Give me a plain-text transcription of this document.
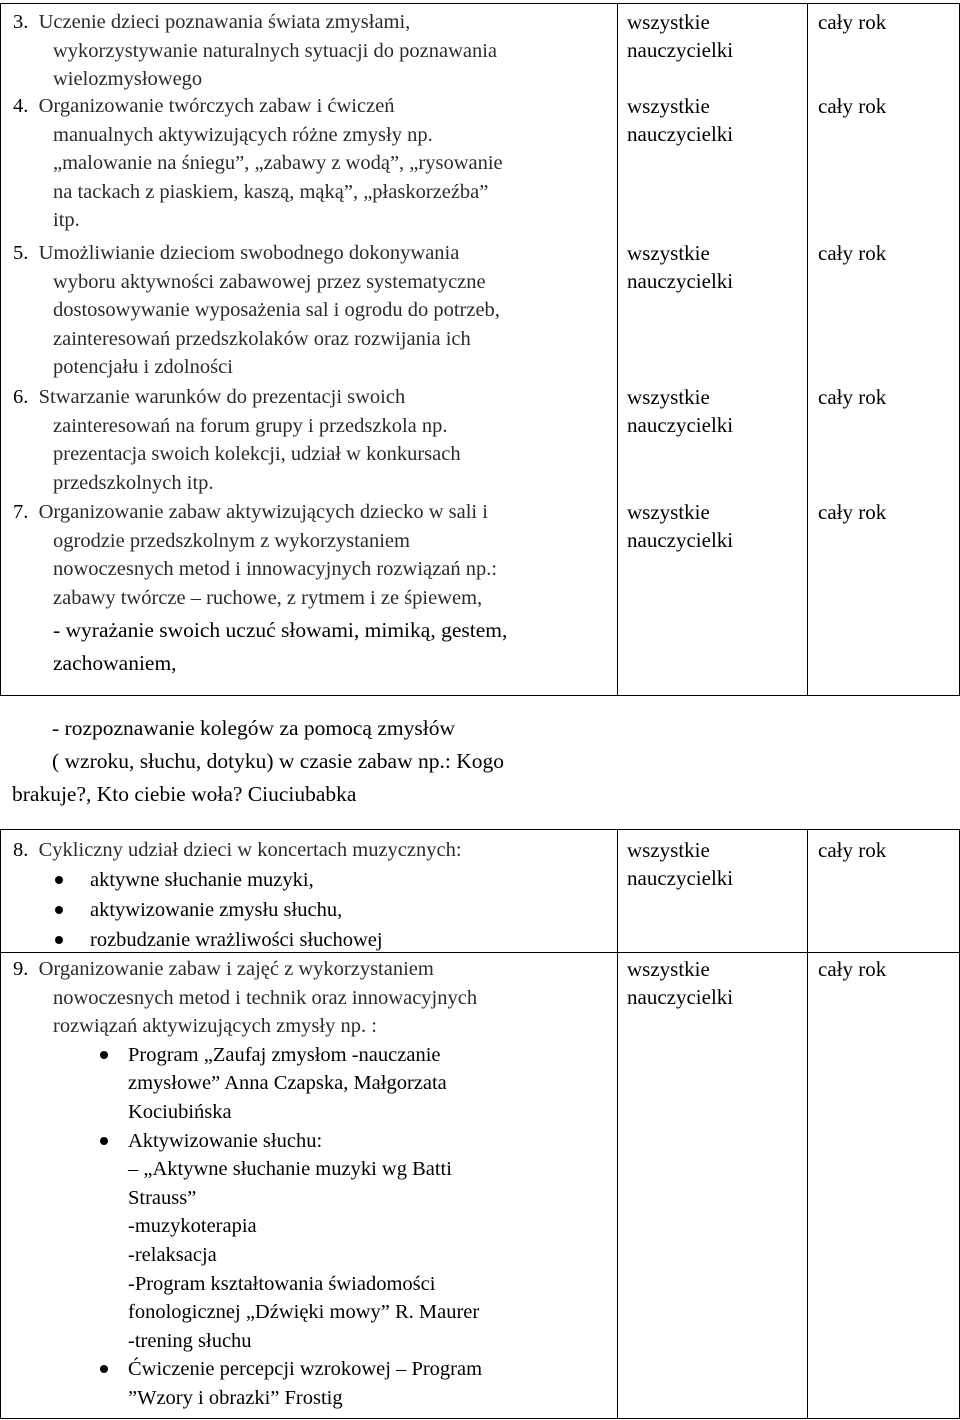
3. Uczenie dzieci poznawania świata zmysłami,

wykorzystywanie naturalnych sytuacji do poznawania

wielozmysłowego

4. Organizowanie twórczych zabaw i ćwiczeń

manualnych aktywizujących różne zmysły np.

„malowanie na śniegu”, „zabawy z wodą”, „rysowanie

na tackach z piaskiem, kaszą, mąką”, „płaskorzeźba”

itp.

5. Umożliwianie dzieciom swobodnego dokonywania

wyboru aktywności zabawowej przez systematyczne

dostosowywanie wyposażenia sal i ogrodu do potrzeb,

zainteresowań przedszkolaków oraz rozwijania ich

potencjału i zdolności

6. Stwarzanie warunków do prezentacji swoich

zainteresowań na forum grupy i przedszkola np.

prezentacja swoich kolekcji, udział w konkursach

przedszkolnych itp.

7. Organizowanie zabaw aktywizujących dziecko w sali i

ogrodzie przedszkolnym z wykorzystaniem

nowoczesnych metod i innowacyjnych rozwiązań np.:

zabawy twórcze – ruchowe, z rytmem i ze śpiewem,

- wyrażanie swoich uczuć słowami, mimiką, gestem,

zachowaniem,

wszystkie
nauczycielki
wszystkie
nauczycielki
wszystkie
nauczycielki
wszystkie
nauczycielki
wszystkie
nauczycielki
cały rok
cały rok
cały rok
cały rok
cały rok

- rozpoznawanie kolegów za pomocą zmysłów

( wzroku, słuchu, dotyku) w czasie zabaw np.: Kogo

brakuje?, Kto ciebie woła? Ciuciubabka

8. Cykliczny udział dzieci w koncertach muzycznych:

aktywne słuchanie muzyki,
aktywizowanie zmysłu słuchu,
rozbudzanie wrażliwości słuchowej
wszystkie
nauczycielki
cały rok

9. Organizowanie zabaw i zajęć z wykorzystaniem

nowoczesnych metod i technik oraz innowacyjnych

rozwiązań aktywizujących zmysły np. :

Program „Zaufaj zmysłom -nauczanie
zmysłowe” Anna Czapska, Małgorzata
Kociubińska
Aktywizowanie słuchu:
– „Aktywne słuchanie muzyki wg Batti
Strauss”
-muzykoterapia
-relaksacja
-Program kształtowania świadomości
fonologicznej „Dźwięki mowy” R. Maurer
-trening słuchu
Ćwiczenie percepcji wzrokowej – Program
”Wzory i obrazki” Frostig
wszystkie
nauczycielki
cały rok
